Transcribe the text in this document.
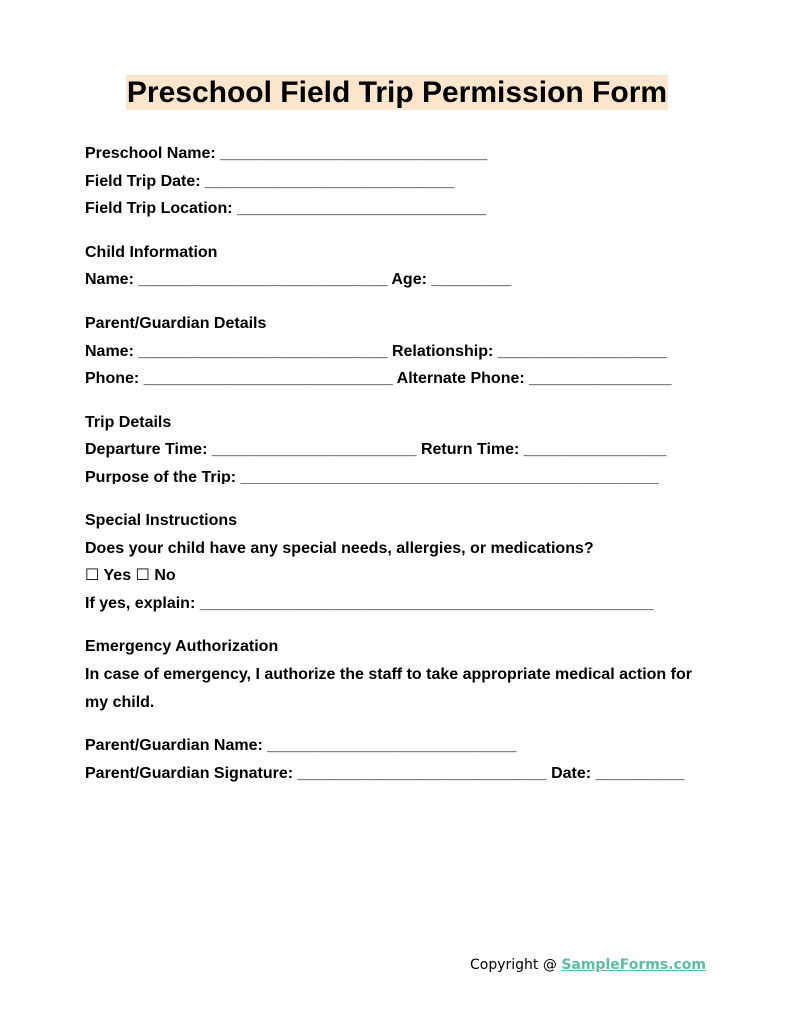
Preschool Field Trip Permission Form
Preschool Name: ______________________________
Field Trip Date: ____________________________
Field Trip Location: ____________________________
Child Information
Name: ____________________________ Age: _________
Parent/Guardian Details
Name: ____________________________ Relationship: ___________________
Phone: ____________________________ Alternate Phone: ________________
Trip Details
Departure Time: _______________________ Return Time: ________________
Purpose of the Trip: _______________________________________________
Special Instructions
Does your child have any special needs, allergies, or medications?
☐ Yes ☐ No
If yes, explain: ___________________________________________________
Emergency Authorization
In case of emergency, I authorize the staff to take appropriate medical action for my child.
Parent/Guardian Name: ____________________________
Parent/Guardian Signature: ____________________________ Date: __________
Copyright @ SampleForms.com
